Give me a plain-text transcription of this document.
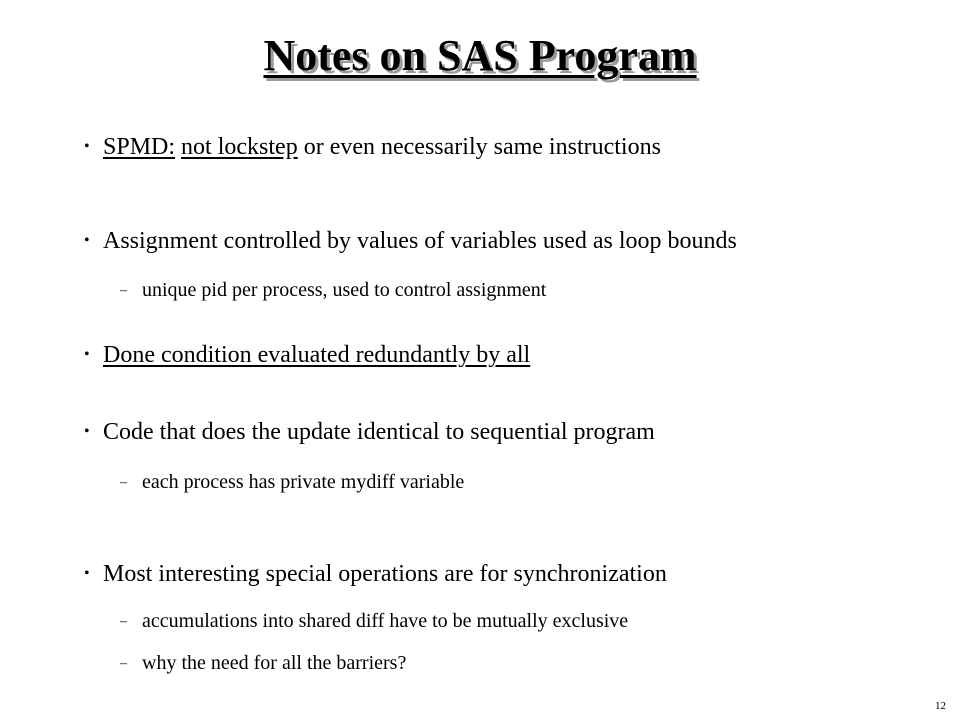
Notes on SAS Program
• SPMD: not lockstep or even necessarily same instructions
• Assignment controlled by values of variables used as loop bounds
– unique pid per process, used to control assignment
• Done condition evaluated redundantly by all
• Code that does the update identical to sequential program
– each process has private mydiff variable
• Most interesting special operations are for synchronization
– accumulations into shared diff have to be mutually exclusive
– why the need for all the barriers?
12
